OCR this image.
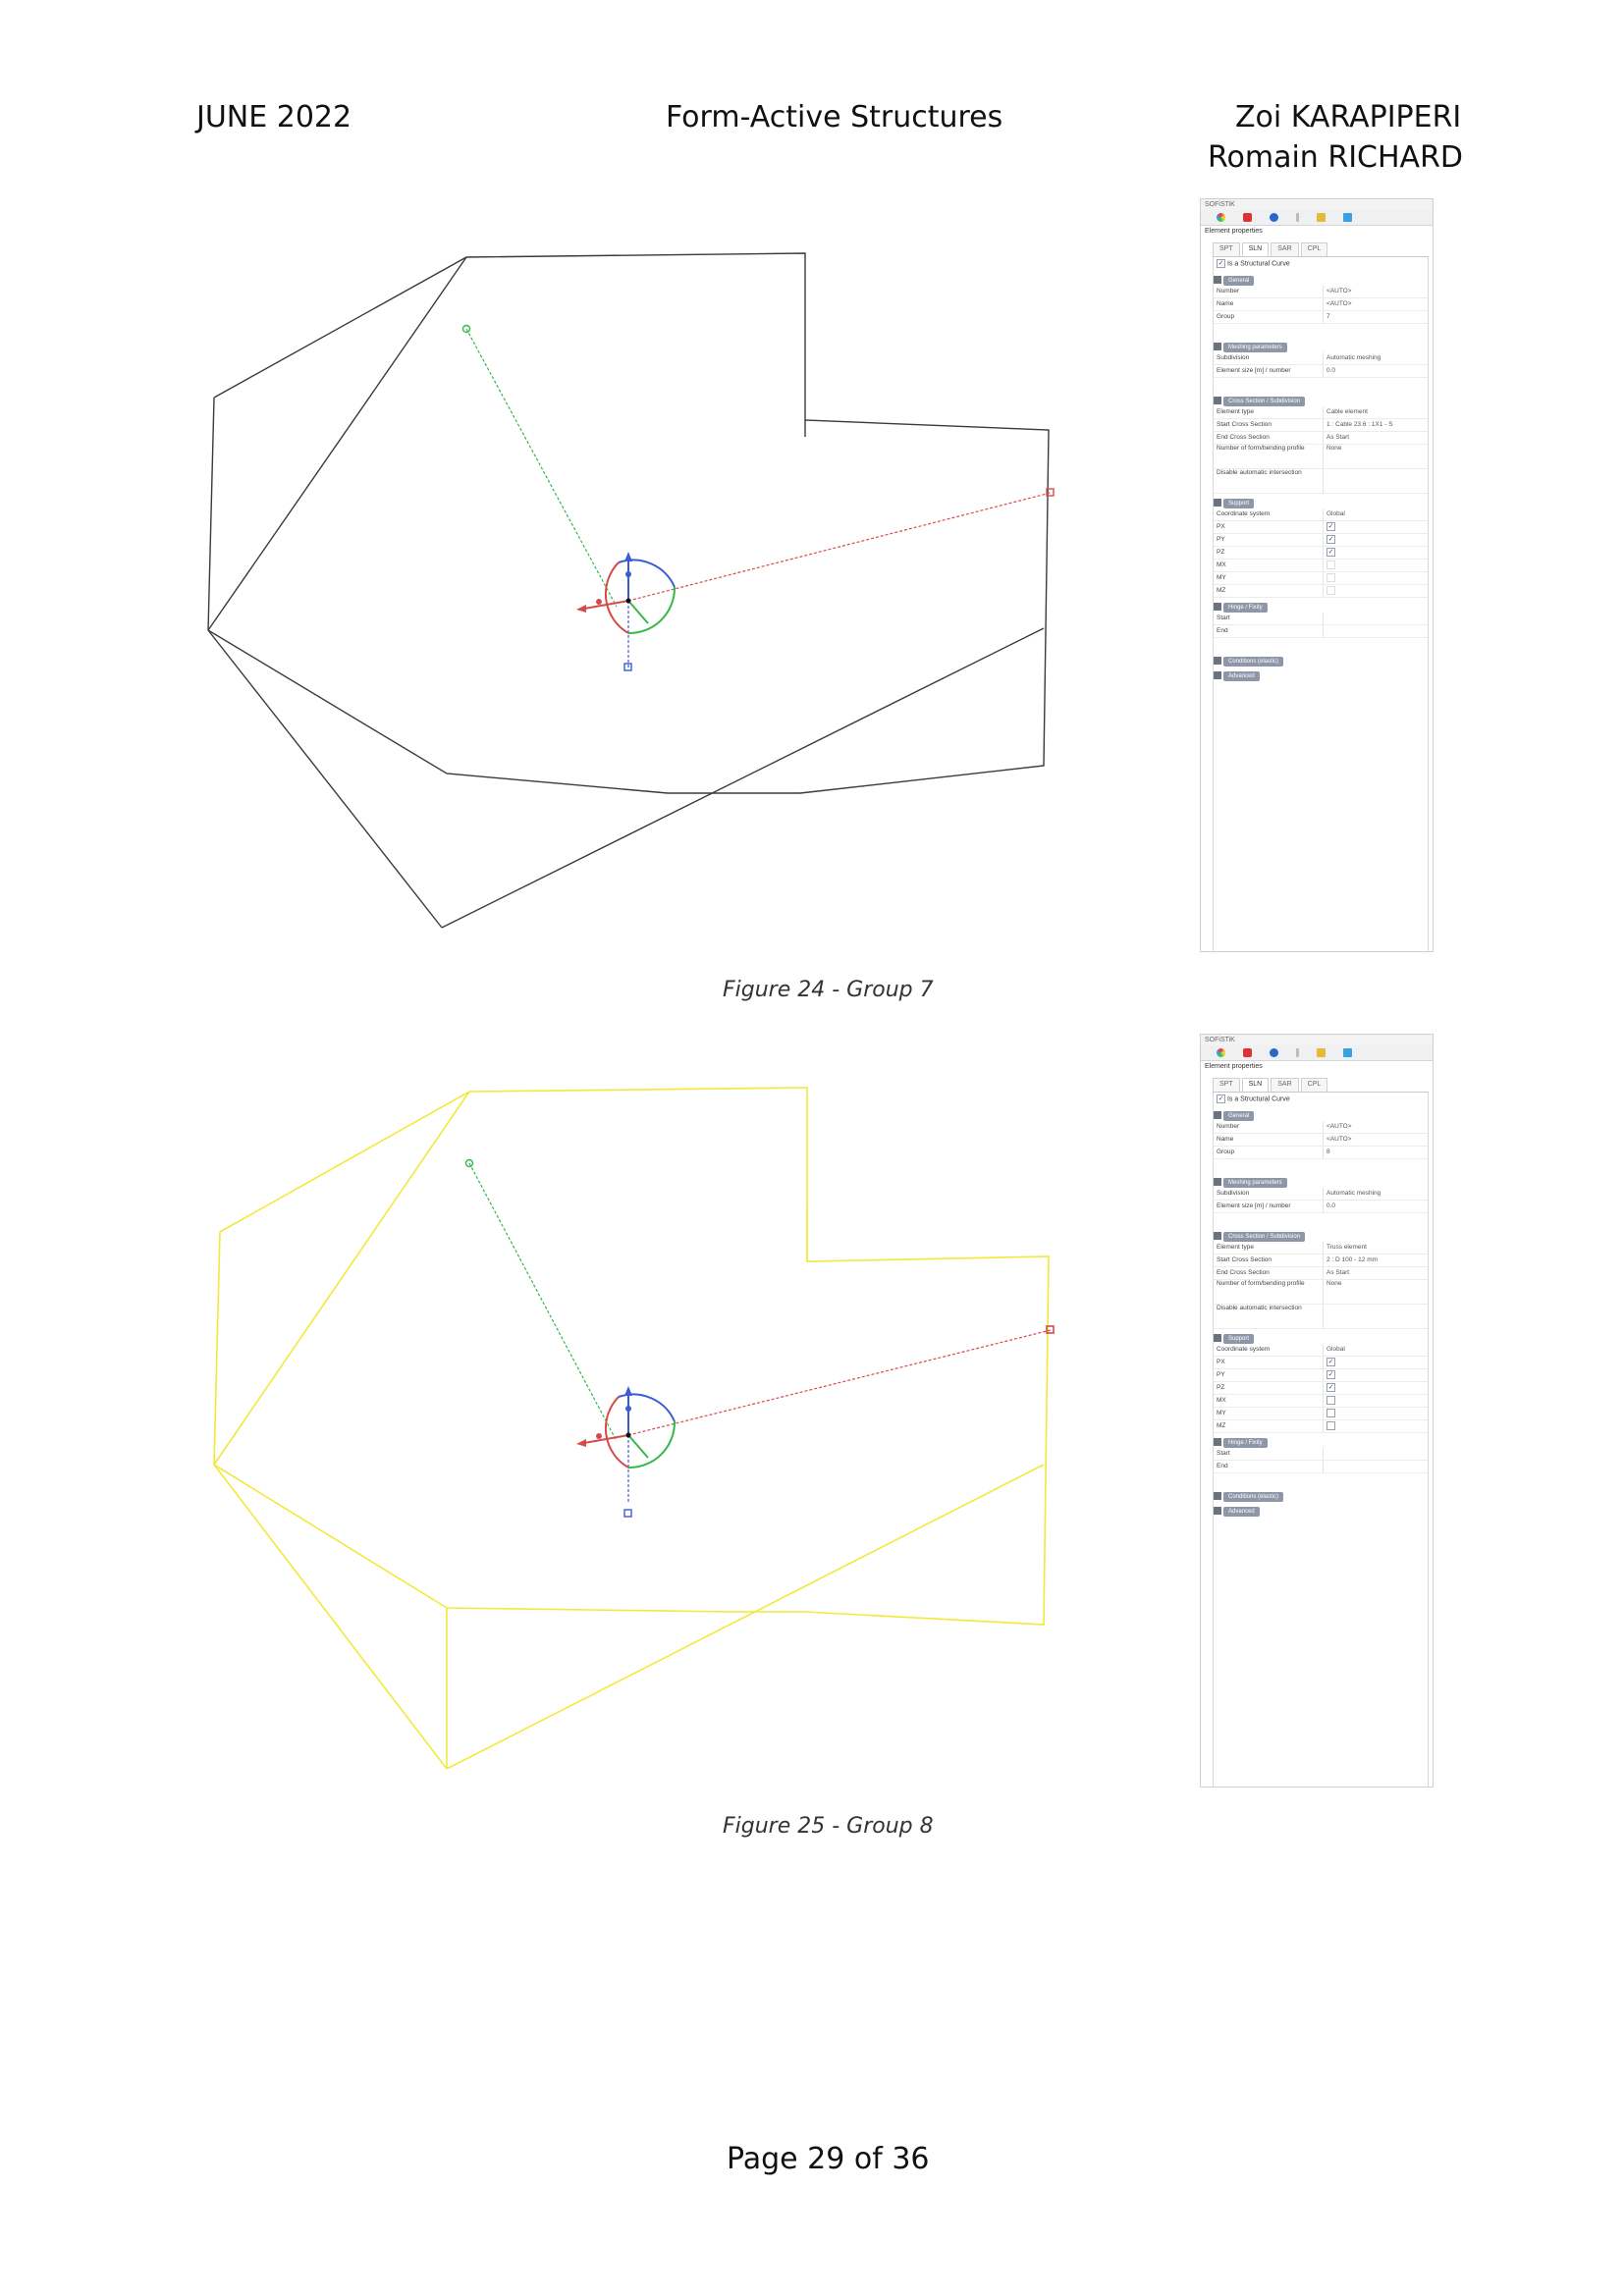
JUNE 2022	Form-Active Structures	Zoi KARAPIPERI
Romain RICHARD
SOFiSTiK
Element properties
SPT	SLN	SAR	CPL
✓ Is a Structural Curve
General
Number	<AUTO>
Name	<AUTO>
Group	7
Meshing parameters
Subdivision	Automatic meshing
Element size [m] / number	0.0
Cross Section / Subdivision
Element type	Cable element
Start Cross Section	1 : Cable 23.6 : 1X1 - S
End Cross Section	As Start
Number of form/bending profile	None
Disable automatic intersection
Support
Coordinate system	Global
PX	✓
PY	✓
PZ	✓
MX
MY
MZ
Hinge / Fixity
Start
End
Conditions (elastic)
Advanced
Figure 24 - Group 7
SOFiSTiK
Element properties
SPT	SLN	SAR	CPL
✓ Is a Structural Curve
General
Number	<AUTO>
Name	<AUTO>
Group	8
Meshing parameters
Subdivision	Automatic meshing
Element size [m] / number	0.0
Cross Section / Subdivision
Element type	Truss element
Start Cross Section	2 : D 100 - 12 mm
End Cross Section	As Start
Number of form/bending profile	None
Disable automatic intersection
Support
Coordinate system	Global
PX	✓
PY	✓
PZ	✓
MX
MY
MZ
Hinge / Fixity
Start
End
Conditions (elastic)
Advanced
Figure 25 - Group 8
Page 29 of 36
